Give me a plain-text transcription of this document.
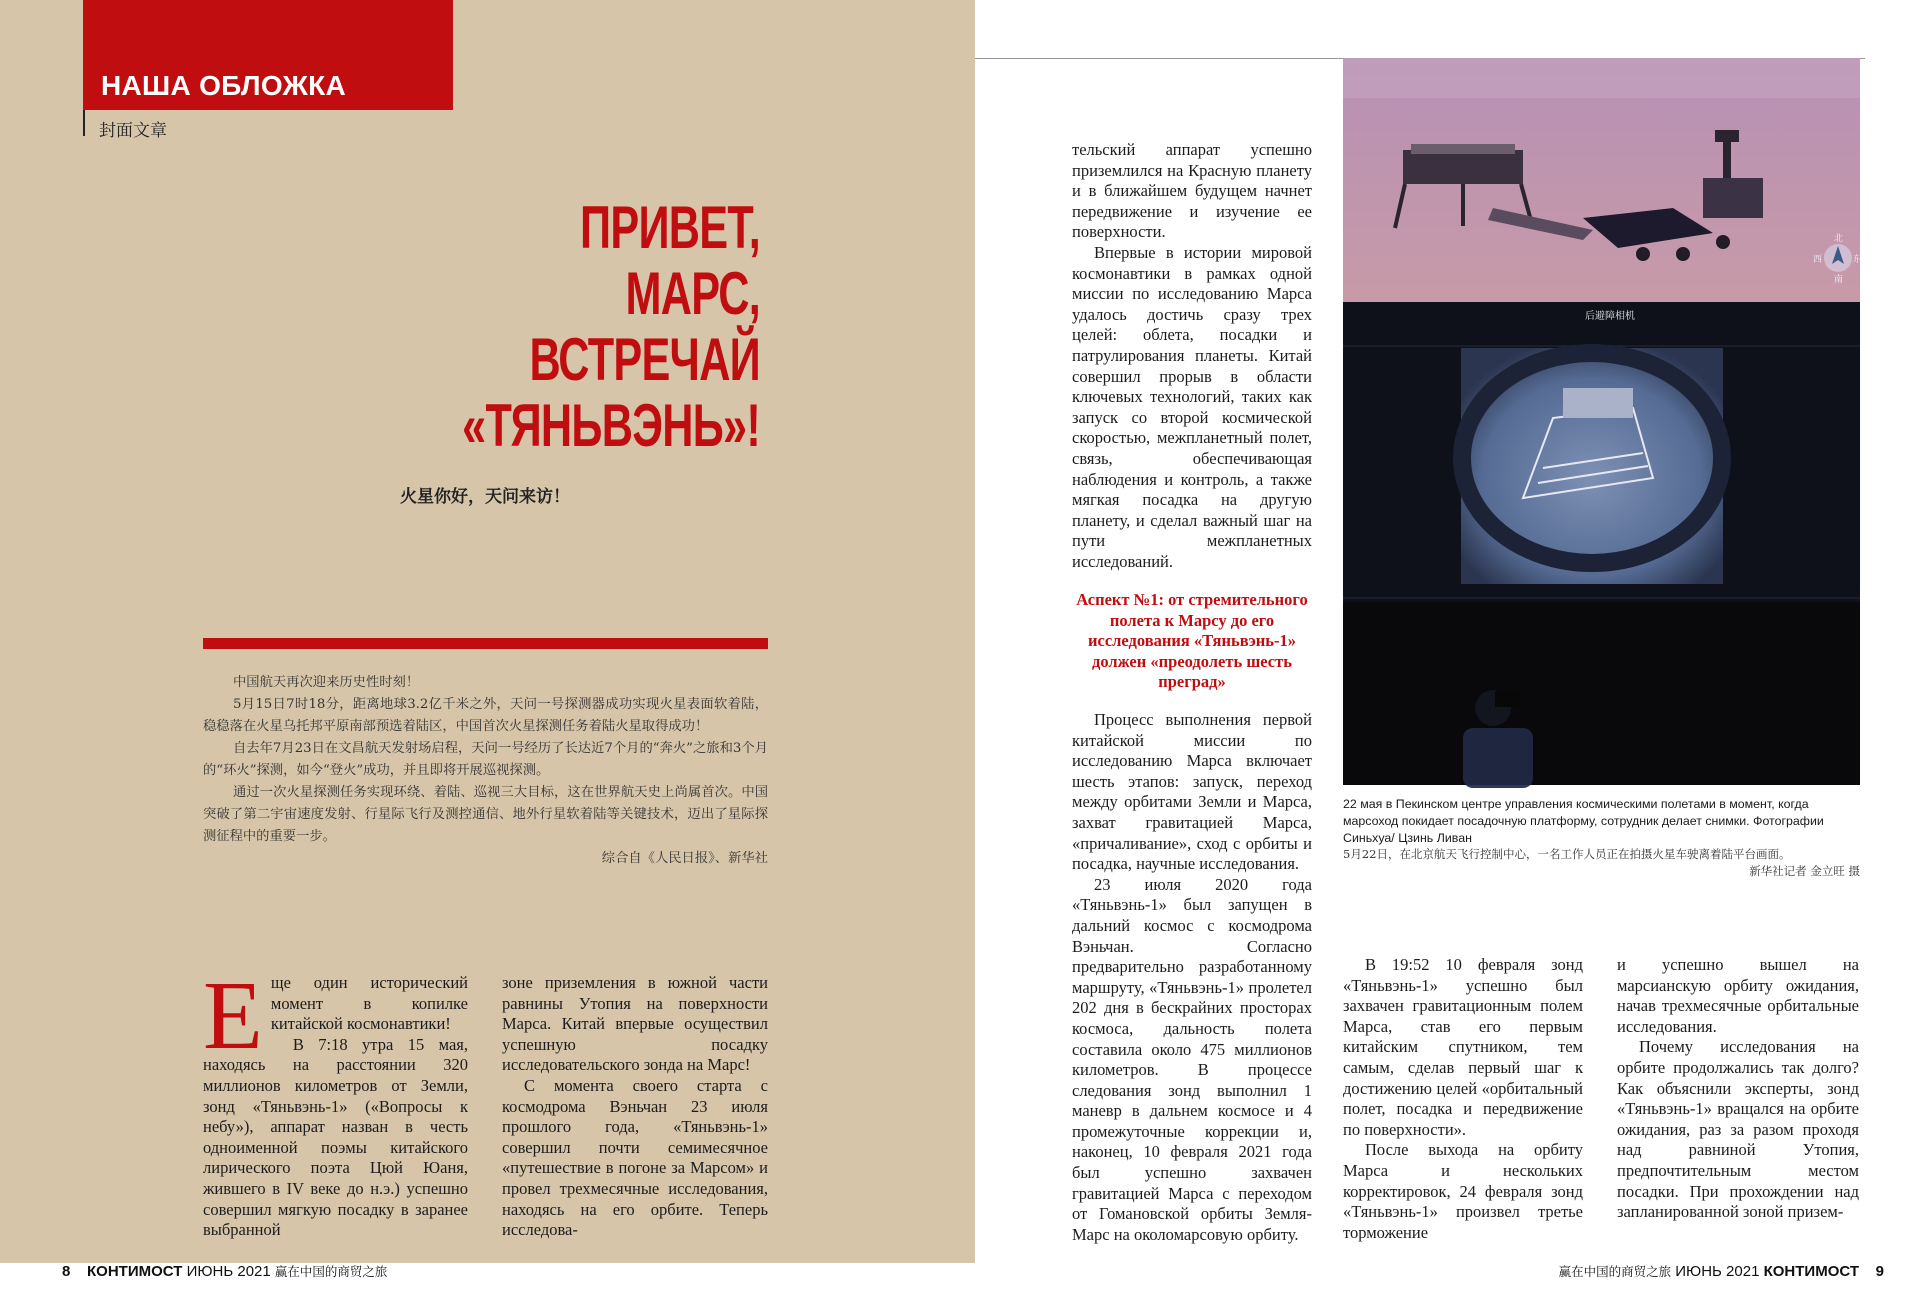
НАША ОБЛОЖКА
封面文章
ПРИВЕТ,
МАРС,
ВСТРЕЧАЙ
«ТЯНЬВЭНЬ»!
火星你好，天问来访！

中国航天再次迎来历史性时刻！

5月15日7时18分，距离地球3.2亿千米之外，天问一号探测器成功实现火星表面软着陆，稳稳落在火星乌托邦平原南部预选着陆区，中国首次火星探测任务着陆火星取得成功！

自去年7月23日在文昌航天发射场启程，天问一号经历了长达近7个月的“奔火”之旅和3个月的“环火”探测，如今“登火”成功，并且即将开展巡视探测。

通过一次火星探测任务实现环绕、着陆、巡视三大目标，这在世界航天史上尚属首次。中国突破了第二宇宙速度发射、行星际飞行及测控通信、地外行星软着陆等关键技术，迈出了星际探测征程中的重要一步。

综合自《人民日报》、新华社

Е ще один исторический момент в копилке китайской космонавтики!

В 7:18 утра 15 мая, находясь на расстоянии 320 миллионов километров от Земли, зонд «Тяньвэнь-1» («Вопросы к небу»), аппарат назван в честь одноименной поэмы китайского лирического поэта Цюй Юаня, жившего в IV веке до н.э.) успешно совершил мягкую посадку в заранее выбранной

зоне приземления в южной части равнины Утопия на поверхности Марса. Китай впервые осуществил успешную посадку исследовательского зонда на Марс!

С момента своего старта с космодрома Вэньчан 23 июля прошлого года, «Тяньвэнь-1» совершил почти семимесячное «путешествие в погоне за Марсом» и провел трехмесячные исследования, находясь на его орбите. Теперь исследова-

тельский аппарат успешно приземлился на Красную планету и в ближайшем будущем начнет передвижение и изучение ее поверхности.

Впервые в истории мировой космонавтики в рамках одной миссии по исследованию Марса удалось достичь сразу трех целей: облета, посадки и патрулирования планеты. Китай совершил прорыв в области ключевых технологий, таких как запуск со второй космической скоростью, межпланетный полет, связь, обеспечивающая наблюдения и контроль, а также мягкая посадка на другую планету, и сделал важный шаг на пути межпланетных исследований.

Аспект №1: от стремительного полета к Марсу до его исследования «Тяньвэнь-1» должен «преодолеть шесть преград»

Процесс выполнения первой китайской миссии по исследованию Марса включает шесть этапов: запуск, переход между орбитами Земли и Марса, захват гравитацией Марса, «причаливание», сход с орбиты и посадка, научные исследования.

23 июля 2020 года «Тяньвэнь-1» был запущен в дальний космос с космодрома Вэньчан. Согласно предварительно разработанному маршруту, «Тяньвэнь-1» пролетел 202 дня в бескрайних просторах космоса, дальность полета составила около 475 миллионов километров. В процессе следования зонд выполнил 1 маневр в дальнем космосе и 4 промежуточные коррекции и, наконец, 10 февраля 2021 года был успешно захвачен гравитацией Марса с переходом от Гомановской орбиты Земля-Марс на околомарсовую орбиту.

北
西	东
南
后避障相机
22 мая в Пекинском центре управления космическими полетами в момент, когда марсоход покидает посадочную платформу, сотрудник делает снимки. Фотографии Синьхуа/ Цзинь Ливан
5月22日，在北京航天飞行控制中心，一名工作人员正在拍摄火星车驶离着陆平台画面。
新华社记者 金立旺 摄

В 19:52 10 февраля зонд «Тяньвэнь-1» успешно был захвачен гравитационным полем Марса, став его первым китайским спутником, тем самым, сделав первый шаг к достижению целей «орбитальный полет, посадка и передвижение по поверхности».

После выхода на орбиту Марса и нескольких корректировок, 24 февраля зонд «Тяньвэнь-1» произвел третье торможение

и успешно вышел на марсианскую орбиту ожидания, начав трехмесячные орбитальные исследования.

Почему исследования на орбите продолжались так долго? Как объяснили эксперты, зонд «Тяньвэнь-1» вращался на орбите ожидания, раз за разом проходя над равниной Утопия, предпочтительным местом посадки. При прохождении над запланированной зоной призем-

8 КОНТИМОСТ ИЮНЬ 2021 赢在中国的商贸之旅	赢在中国的商贸之旅 ИЮНЬ 2021 КОНТИМОСТ 9
